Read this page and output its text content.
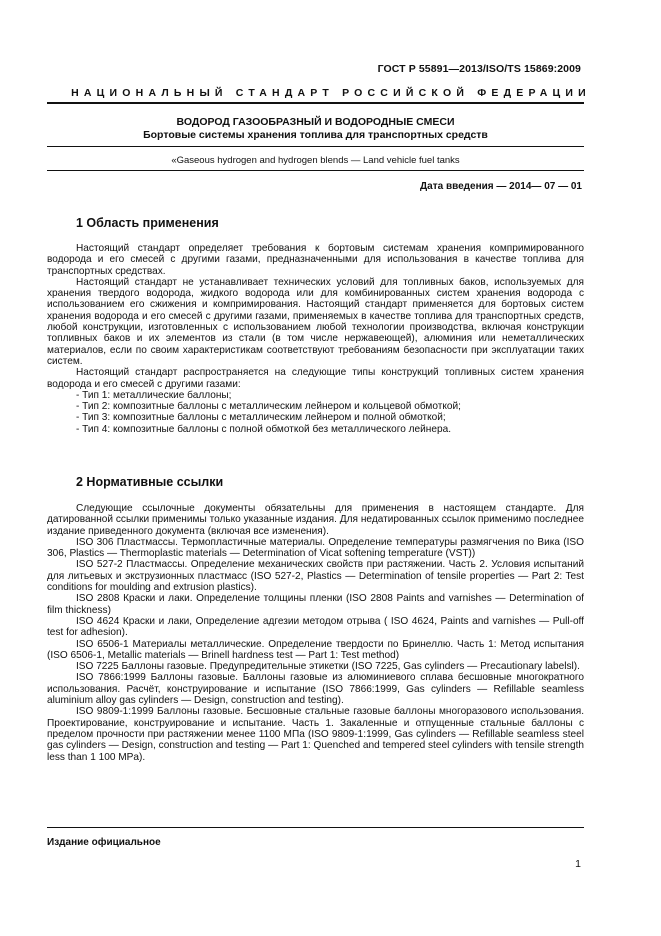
ГОСТ Р 55891—2013/ISO/TS 15869:2009
НАЦИОНАЛЬНЫЙ СТАНДАРТ РОССИЙСКОЙ ФЕДЕРАЦИИ
ВОДОРОД ГАЗООБРАЗНЫЙ И ВОДОРОДНЫЕ СМЕСИ
Бортовые системы хранения топлива для транспортных средств
«Gaseous hydrogen and hydrogen blends — Land vehicle fuel tanks
Дата введения — 2014— 07 — 01
1 Область применения

Настоящий стандарт определяет требования к бортовым системам хранения компримированного водорода и его смесей с другими газами, предназначенными для использования в качестве топлива для транспортных средствах.

Настоящий стандарт не устанавливает технических условий для топливных баков, используемых для хранения твердого водорода, жидкого водорода или для комбинированных систем хранения водорода с использованием его сжижения и компримирования. Настоящий стандарт применяется для бортовых систем хранения водорода и его смесей с другими газами, применяемых в качестве топлива для транспортных средств, любой конструкции, изготовленных с использованием любой технологии производства, включая конструкции топливных баков и их элементов из стали (в том числе нержавеющей), алюминия или неметаллических материалов, если по своим характеристикам соответствуют требованиям безопасности при эксплуатации таких систем.

Настоящий стандарт распространяется на следующие типы конструкций топливных систем хранения водорода и его смесей с другими газами:

- Тип 1: металлические баллоны;

- Тип 2: композитные баллоны с металлическим лейнером и кольцевой обмоткой;

- Тип 3: композитные баллоны с металлическим лейнером и полной обмоткой;

- Тип 4: композитные баллоны с полной обмоткой без металлического лейнера.

2 Нормативные ссылки

Следующие ссылочные документы обязательны для применения в настоящем стандарте. Для датированной ссылки применимы только указанные издания. Для недатированных ссылок применимо последнее издание приведенного документа (включая все изменения).

ISO 306 Пластмассы. Термопластичные материалы. Определение температуры размягчения по Вика (ISO 306, Plastics — Thermoplastic materials — Determination of Vicat softening temperature (VST))

ISO 527-2 Пластмассы. Определение механических свойств при растяжении. Часть 2. Условия испытаний для литьевых и экструзионных пластмасс (ISO 527-2, Plastics — Determination of tensile properties — Part 2: Test conditions for moulding and extrusion plastics).

ISO 2808 Краски и лаки. Определение толщины пленки (ISO 2808 Paints and varnishes — Determination of film thickness)

ISO 4624 Краски и лаки, Определение адгезии методом отрыва ( ISO 4624, Paints and varnishes — Pull-off test for adhesion).

ISO 6506-1 Материалы металлические. Определение твердости по Бринеллю. Часть 1: Метод испытания (ISO 6506-1, Metallic materials — Brinell hardness test — Part 1: Test method)

ISO 7225 Баллоны газовые. Предупредительные этикетки (ISO 7225, Gas cylinders — Precautionary labelsl).

ISO 7866:1999 Баллоны газовые. Баллоны газовые из алюминиевого сплава бесшовные многократного использования. Расчёт, конструирование и испытание (ISO 7866:1999, Gas cylinders — Refillable seamless aluminium alloy gas cylinders — Design, construction and testing).

ISO 9809-1:1999 Баллоны газовые. Бесшовные стальные газовые баллоны многоразового использования. Проектирование, конструирование и испытание. Часть 1. Закаленные и отпущенные стальные баллоны с пределом прочности при растяжении менее 1100 МПа (ISO 9809-1:1999, Gas cylinders — Refillable seamless steel gas cylinders — Design, construction and testing — Part 1: Quenched and tempered steel cylinders with tensile strength less than 1 100 MPa).

Издание официальное
1
